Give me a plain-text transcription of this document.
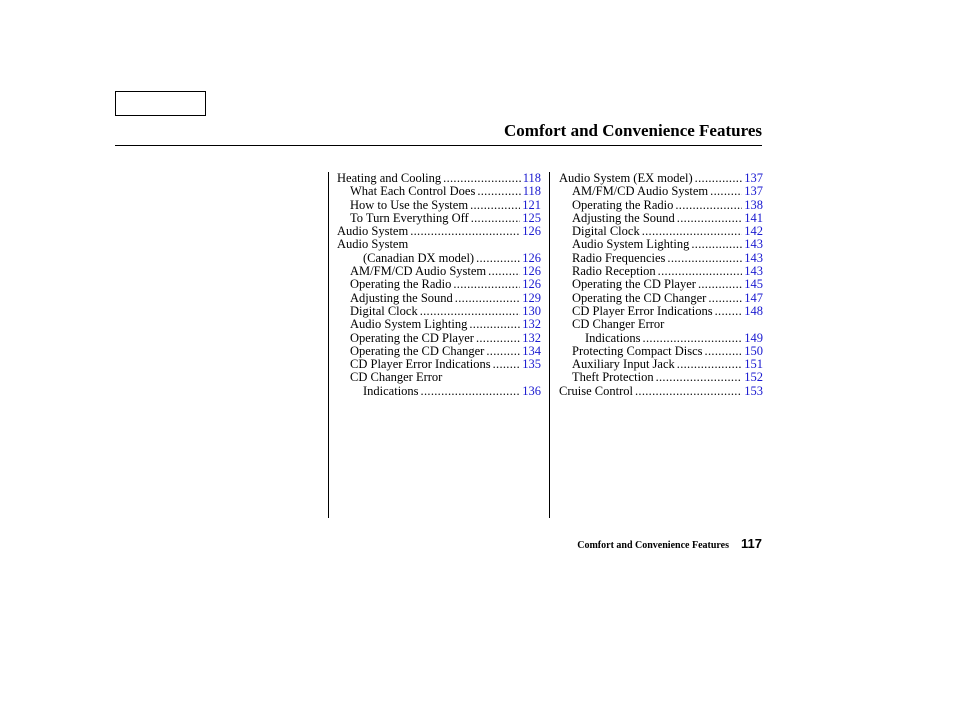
Comfort and Convenience Features
Heating and Cooling .....	118
What Each Control Does .....	118
How to Use the System .....	121
To Turn Everything Off .....	125
Audio System .....	126
Audio System
(Canadian DX model) .....	126
AM/FM/CD Audio System .....	126
Operating the Radio .....	126
Adjusting the Sound .....	129
Digital Clock .....	130
Audio System Lighting .....	132
Operating the CD Player .....	132
Operating the CD Changer .....	134
CD Player Error Indications .....	135
CD Changer Error
Indications .....	136
Audio System (EX model) .....	137
AM/FM/CD Audio System .....	137
Operating the Radio .....	138
Adjusting the Sound .....	141
Digital Clock .....	142
Audio System Lighting .....	143
Radio Frequencies .....	143
Radio Reception .....	143
Operating the CD Player .....	145
Operating the CD Changer .....	147
CD Player Error Indications .....	148
CD Changer Error
Indications .....	149
Protecting Compact Discs .....	150
Auxiliary Input Jack .....	151
Theft Protection .....	152
Cruise Control .....	153
Comfort and Convenience Features 117
